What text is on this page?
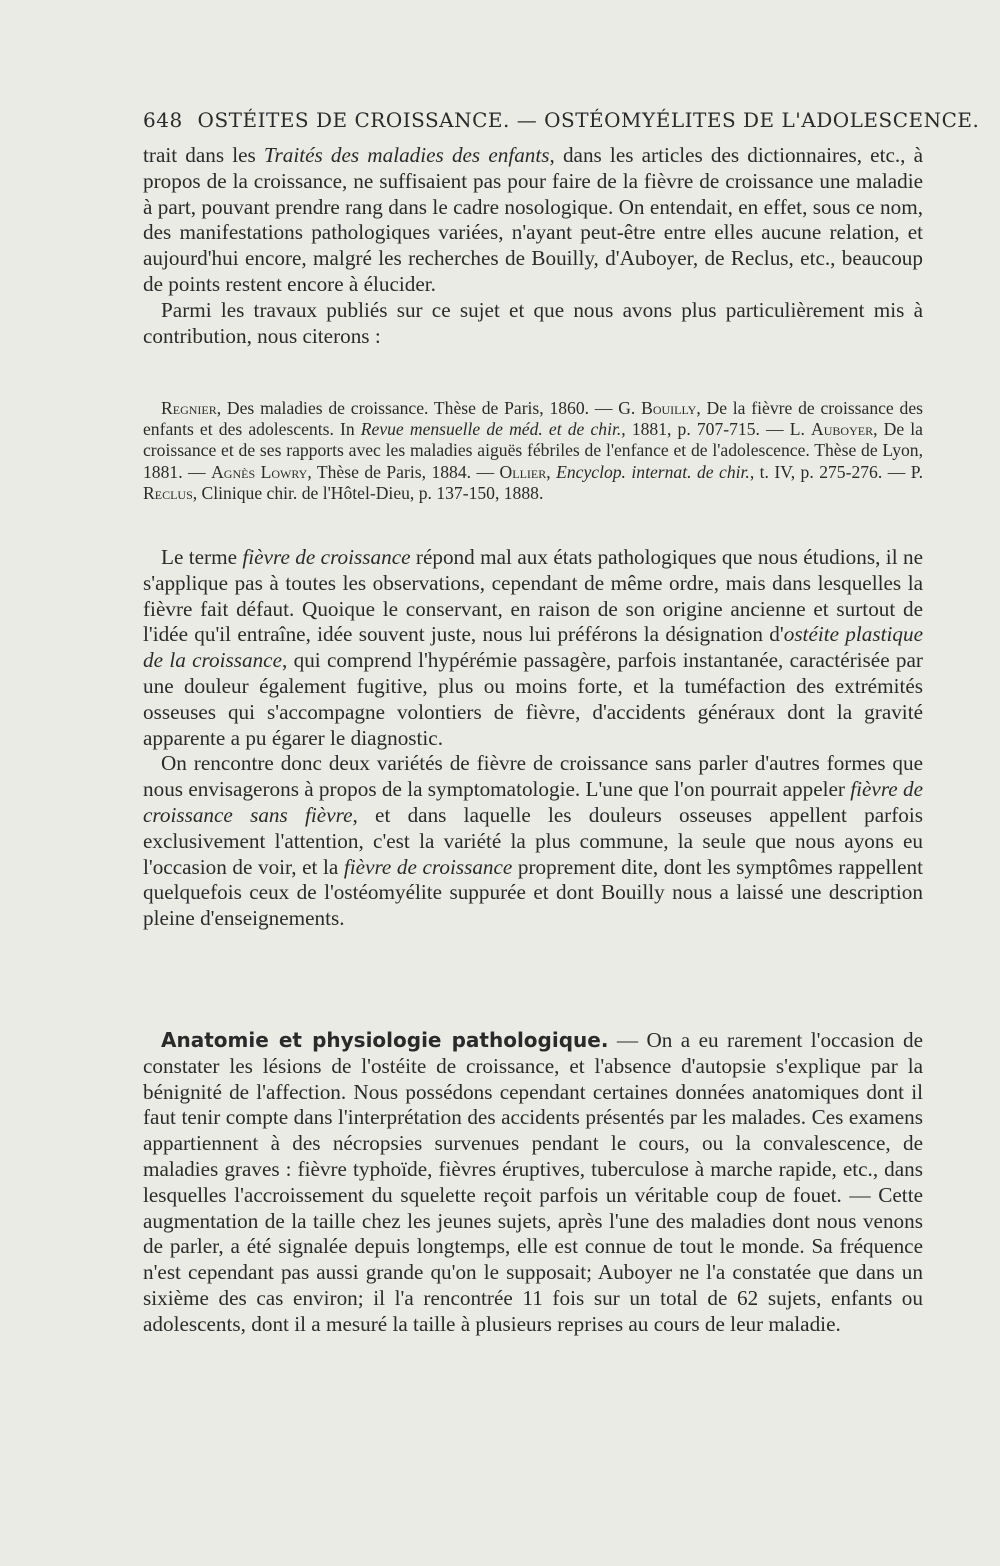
648 OSTÉITES DE CROISSANCE. — OSTÉOMYÉLITES DE L'ADOLESCENCE.

trait dans les Traités des maladies des enfants, dans les articles des dictionnaires, etc., à propos de la croissance, ne suffisaient pas pour faire de la fièvre de croissance une maladie à part, pouvant prendre rang dans le cadre nosologique. On entendait, en effet, sous ce nom, des manifestations pathologiques variées, n'ayant peut-être entre elles aucune relation, et aujourd'hui encore, malgré les recherches de Bouilly, d'Auboyer, de Reclus, etc., beaucoup de points restent encore à élucider.

Parmi les travaux publiés sur ce sujet et que nous avons plus particulièrement mis à contribution, nous citerons :

Regnier, Des maladies de croissance. Thèse de Paris, 1860. — G. Bouilly, De la fièvre de croissance des enfants et des adolescents. In Revue mensuelle de méd. et de chir., 1881, p. 707-715. — L. Auboyer, De la croissance et de ses rapports avec les maladies aiguës fébriles de l'enfance et de l'adolescence. Thèse de Lyon, 1881. — Agnès Lowry, Thèse de Paris, 1884. — Ollier, Encyclop. internat. de chir., t. IV, p. 275-276. — P. Reclus, Clinique chir. de l'Hôtel-Dieu, p. 137-150, 1888.

Le terme fièvre de croissance répond mal aux états pathologiques que nous étudions, il ne s'applique pas à toutes les observations, cependant de même ordre, mais dans lesquelles la fièvre fait défaut. Quoique le conservant, en raison de son origine ancienne et surtout de l'idée qu'il entraîne, idée souvent juste, nous lui préférons la désignation d'ostéite plastique de la croissance, qui comprend l'hypérémie passagère, parfois instantanée, caractérisée par une douleur également fugitive, plus ou moins forte, et la tuméfaction des extrémités osseuses qui s'accompagne volontiers de fièvre, d'accidents généraux dont la gravité apparente a pu égarer le diagnostic.

On rencontre donc deux variétés de fièvre de croissance sans parler d'autres formes que nous envisagerons à propos de la symptomatologie. L'une que l'on pourrait appeler fièvre de croissance sans fièvre, et dans laquelle les douleurs osseuses appellent parfois exclusivement l'attention, c'est la variété la plus commune, la seule que nous ayons eu l'occasion de voir, et la fièvre de croissance proprement dite, dont les symptômes rappellent quelquefois ceux de l'ostéomyélite suppurée et dont Bouilly nous a laissé une description pleine d'enseignements.

Anatomie et physiologie pathologique. — On a eu rarement l'occasion de constater les lésions de l'ostéite de croissance, et l'absence d'autopsie s'explique par la bénignité de l'affection. Nous possédons cependant certaines données anatomiques dont il faut tenir compte dans l'interprétation des accidents présentés par les malades. Ces examens appartiennent à des nécropsies survenues pendant le cours, ou la convalescence, de maladies graves : fièvre typhoïde, fièvres éruptives, tuberculose à marche rapide, etc., dans lesquelles l'accroissement du squelette reçoit parfois un véritable coup de fouet. — Cette augmentation de la taille chez les jeunes sujets, après l'une des maladies dont nous venons de parler, a été signalée depuis longtemps, elle est connue de tout le monde. Sa fréquence n'est cependant pas aussi grande qu'on le supposait; Auboyer ne l'a constatée que dans un sixième des cas environ; il l'a rencontrée 11 fois sur un total de 62 sujets, enfants ou adolescents, dont il a mesuré la taille à plusieurs reprises au cours de leur maladie.
